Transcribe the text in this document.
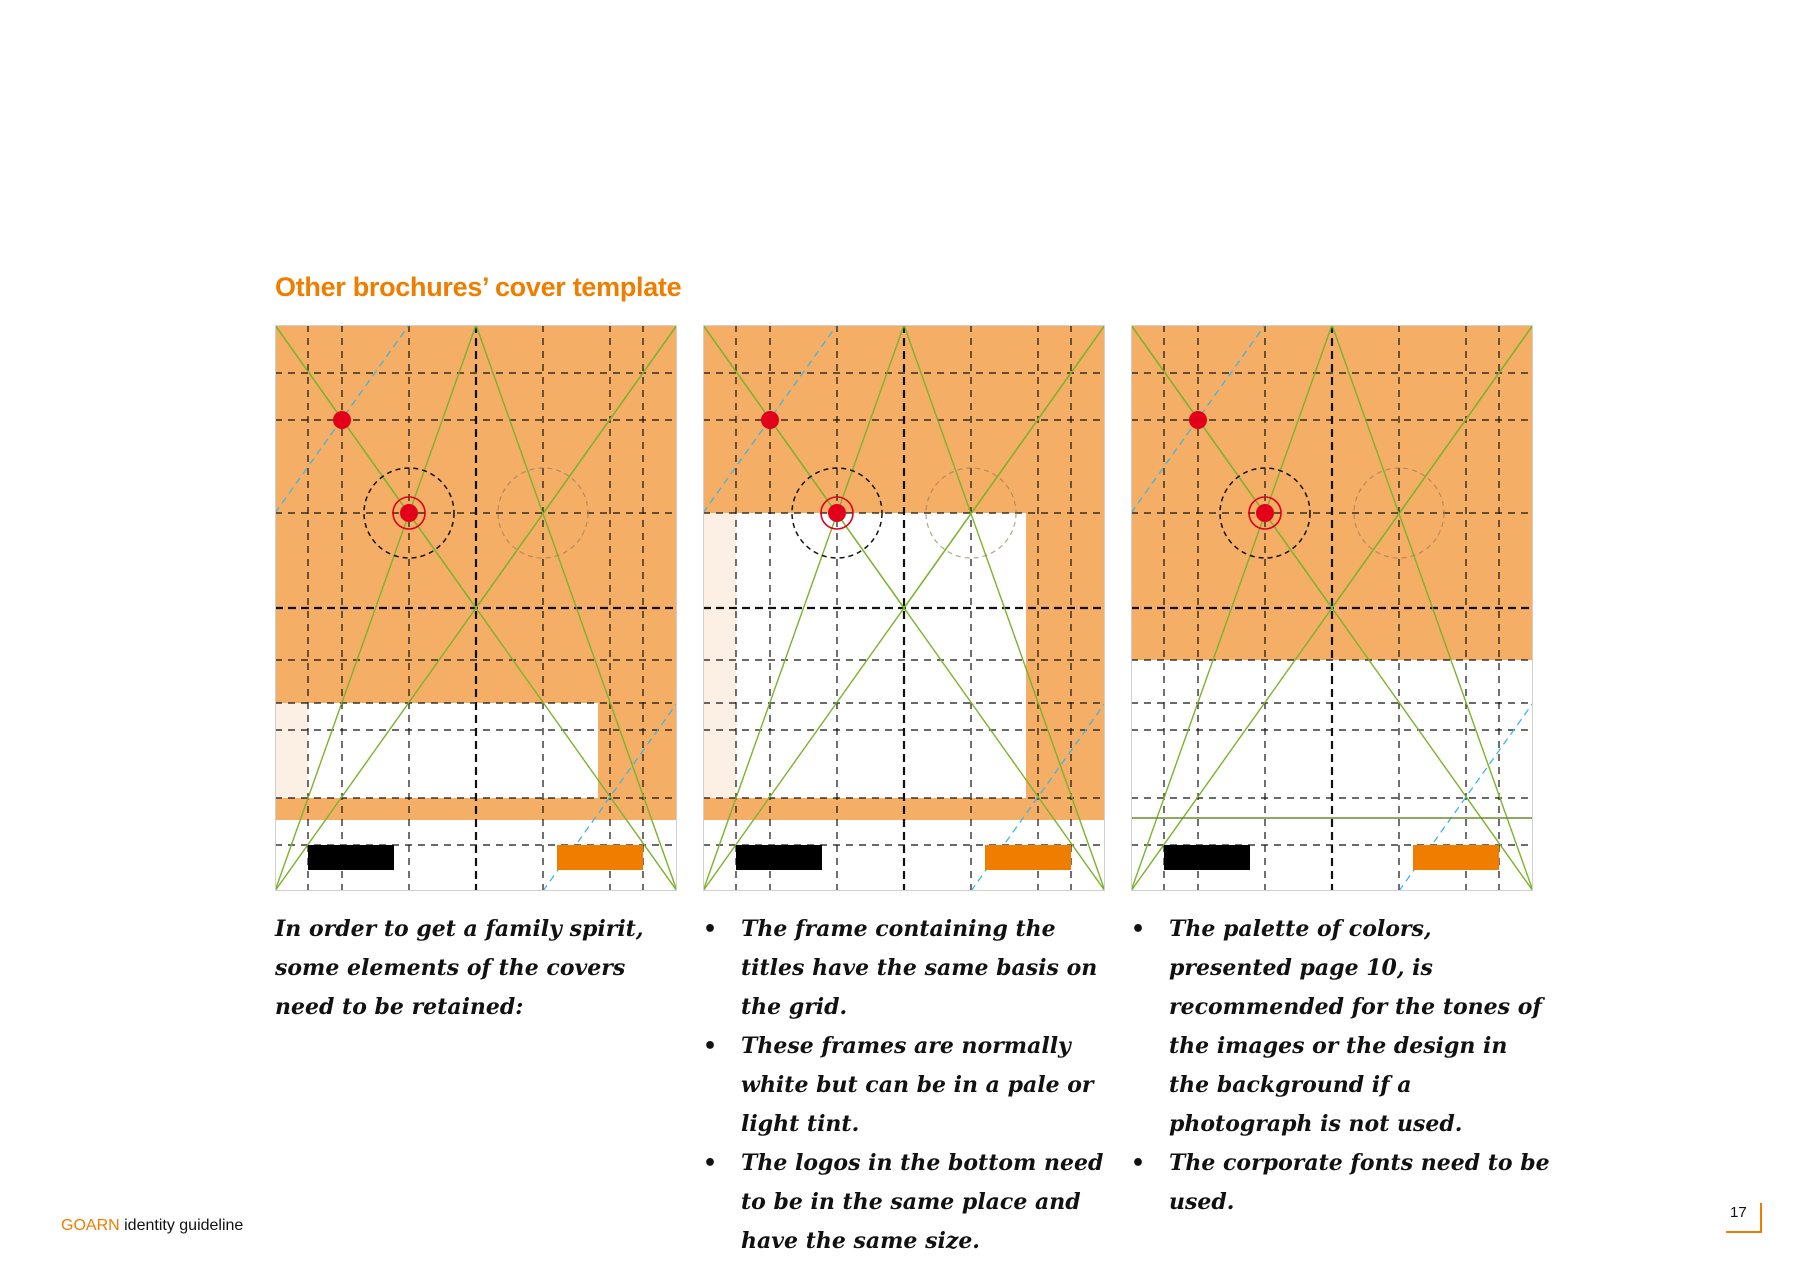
Other brochures’ cover template

In order to get a family spirit, some elements of the covers need to be retained:

• The frame containing the titles have the same basis on the grid.
• These frames are normally white but can be in a pale or light tint.
• The logos in the bottom need to be in the same place and have the same size.
• The palette of colors, presented page 10, is recommended for the tones of the images or the design in the background if a photograph is not used.
• The corporate fonts need to be used.
GOARN identity guideline
17
